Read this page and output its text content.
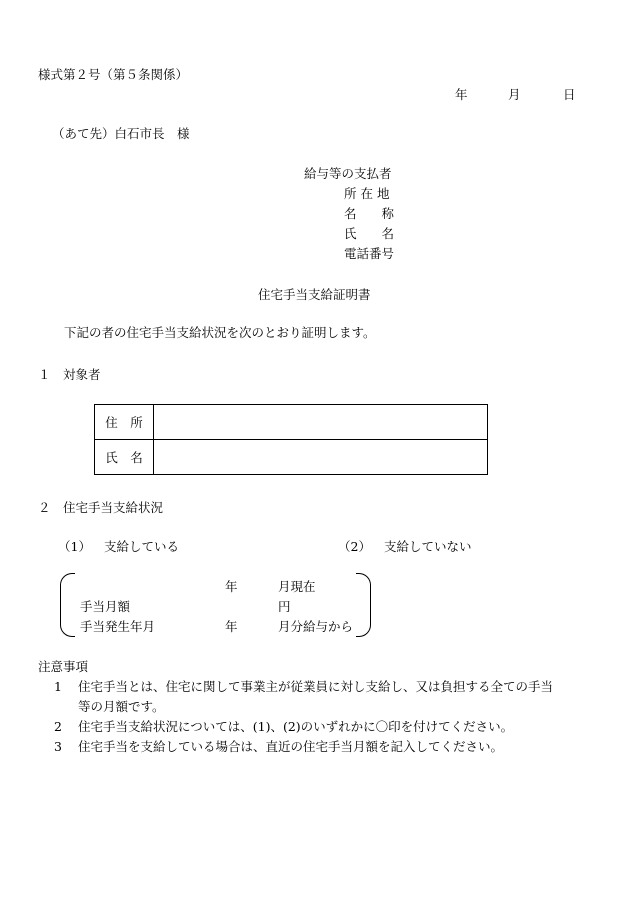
様式第２号（第５条関係）
年	月	日
（あて先）白石市長　様
給与等の支払者
所 在 地
名　　称
氏　　名
電話番号
住宅手当支給証明書
下記の者の住宅手当支給状況を次のとおり証明します。
１　対象者
住　所	
氏　名	
２　住宅手当支給状況
（1） 支給している	（2） 支給していない
年	月現在
手当月額	円
手当発生年月	年	月分給与から
注意事項
1 住宅手当とは、住宅に関して事業主が従業員に対し支給し、又は負担する全ての手当
等の月額です。
2 住宅手当支給状況については、(1)、(2)のいずれかに〇印を付けてください。
3 住宅手当を支給している場合は、直近の住宅手当月額を記入してください。
